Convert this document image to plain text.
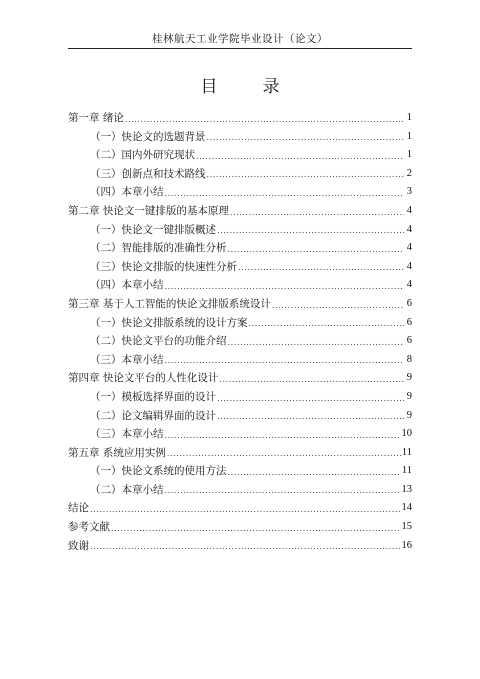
桂林航天工业学院毕业设计（论文）
目　录
第一章 绪论 .....	1
（一）快论文的选题背景 .....	1
（二）国内外研究现状 .....	1
（三）创新点和技术路线 .....	2
（四）本章小结 .....	3
第二章 快论文一键排版的基本原理 .....	4
（一）快论文一键排版概述 .....	4
（二）智能排版的准确性分析 .....	4
（三）快论文排版的快速性分析 .....	4
（四）本章小结 .....	4
第三章 基于人工智能的快论文排版系统设计 .....	6
（一）快论文排版系统的设计方案 .....	6
（二）快论文平台的功能介绍 .....	6
（三）本章小结 .....	8
第四章 快论文平台的人性化设计 .....	9
（一）模板选择界面的设计 .....	9
（二）论文编辑界面的设计 .....	9
（三）本章小结 .....	10
第五章 系统应用实例 .....	11
（一）快论文系统的使用方法 .....	11
（二）本章小结 .....	13
结论 .....	14
参考文献 .....	15
致谢 .....	16
